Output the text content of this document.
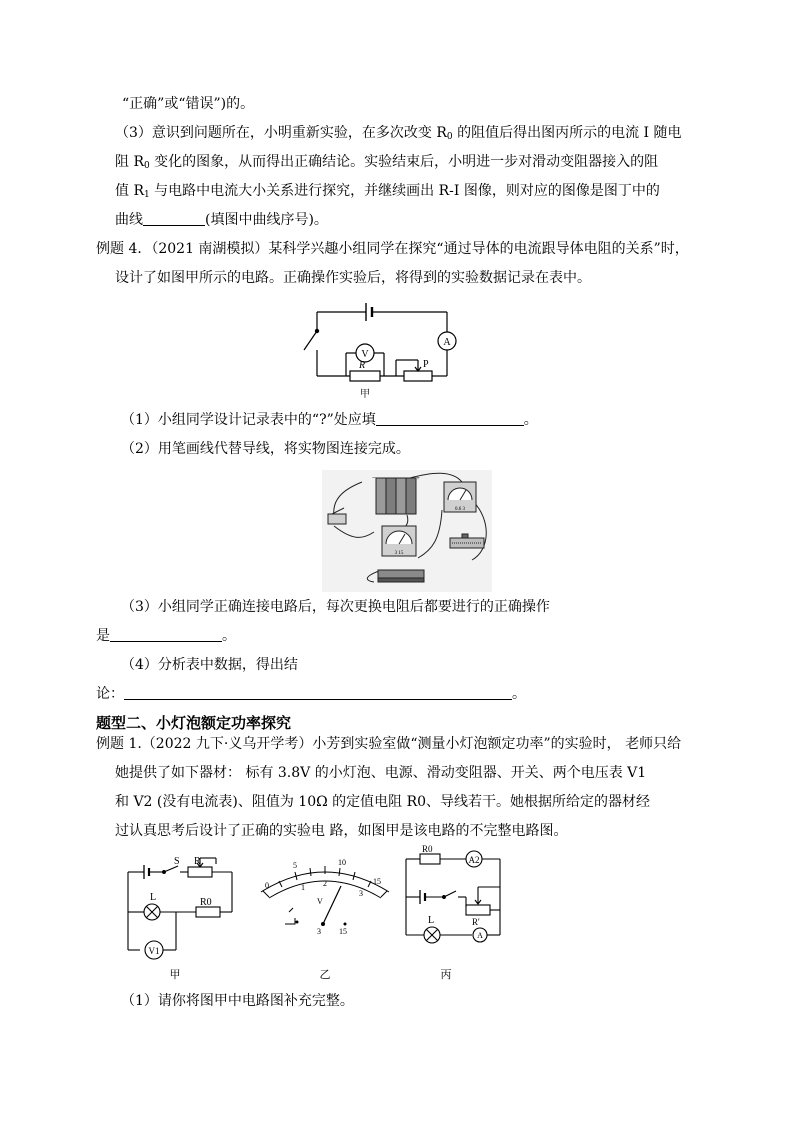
“正确”或“错误”)的。
（3）意识到问题所在，小明重新实验，在多次改变 $R_0$ 的阻值后得出图丙所示的电流 I 随电
阻 $R_0$ 变化的图象，从而得出正确结论。实验结束后，小明进一步对滑动变阻器接入的阻
值 $R_1$ 与电路中电流大小关系进行探究，并继续画出 R-I 图像，则对应的图像是图丁中的
曲线	(填图中曲线序号)。
例题 4．（2021 南湖模拟）某科学兴趣小组同学在探究“通过导体的电流跟导体电阻的关系”时，
设计了如图甲所示的电路。正确操作实验后，将得到的实验数据记录在表中。
A
V
R	P
甲
（1）小组同学设计记录表中的“?”处应填	。
（2）用笔画线代替导线，将实物图连接完成。
−	+
0.6 3
3 15
（3）小组同学正确连接电路后，每次更换电阻后都要进行的正确操作
是	。
（4）分析表中数据，得出结
论：	。
题型二、小灯泡额定功率探究
例题 1.（2022 九下·义乌开学考）小芳到实验室做“测量小灯泡额定功率”的实验时， 老师只给
她提供了如下器材： 标有 3.8V 的小灯泡、电源、滑动变阻器、开关、两个电压表 V1
和 V2 (没有电流表)、阻值为 10Ω 的定值电阻 R0、导线若干。她根据所给定的器材经
过认真思考后设计了正确的实验电 路，如图甲是该电路的不完整电路图。
S R
L	R0
V1
甲
0
5	10
15
1 2
3
V
3 15
乙
R0
A2
R'
L
A
丙
（1）请你将图甲中电路图补充完整。
